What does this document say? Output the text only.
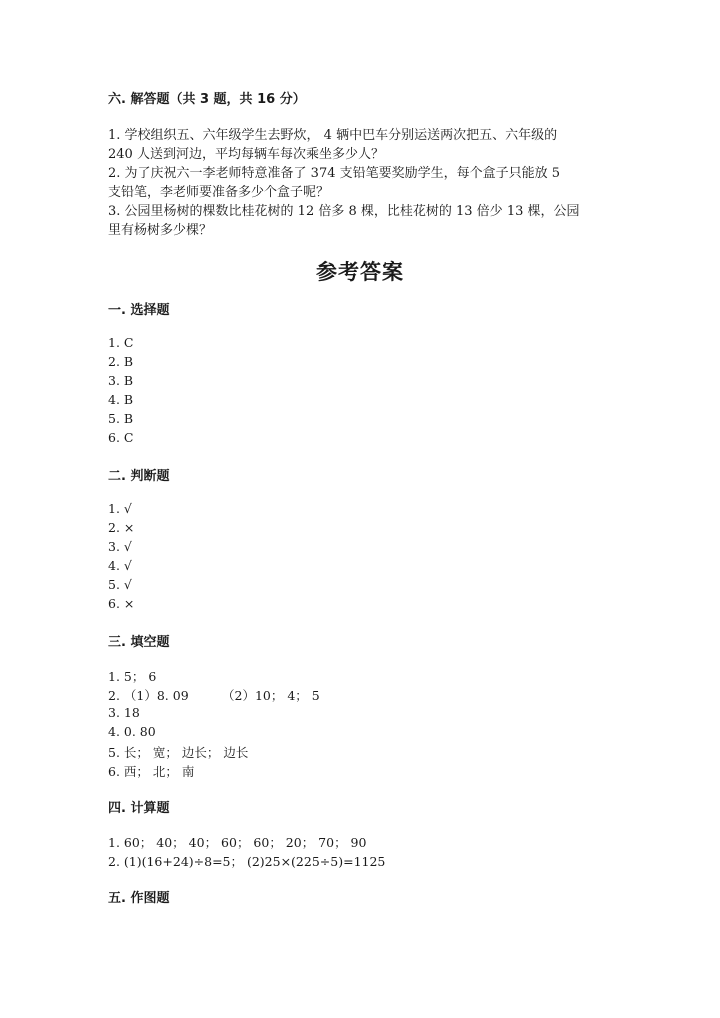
六. 解答题（共 3 题，共 16 分）
1. 学校组织五、六年级学生去野炊， 4 辆中巴车分别运送两次把五、六年级的
240 人送到河边，平均每辆车每次乘坐多少人？
2. 为了庆祝六一李老师特意准备了 374 支铅笔要奖励学生，每个盒子只能放 5
支铅笔，李老师要准备多少个盒子呢？
3. 公园里杨树的棵数比桂花树的 12 倍多 8 棵，比桂花树的 13 倍少 13 棵，公园
里有杨树多少棵？
参考答案
一. 选择题
1. C
2. B
3. B
4. B
5. B
6. C
二. 判断题
1. √
2. ×
3. √
4. √
5. √
6. ×
三. 填空题
1. 5； 6
2. （1）8. 09	（2）10； 4； 5
3. 18
4. 0. 80
5. 长； 宽； 边长； 边长
6. 西； 北； 南
四. 计算题
1. 60； 40； 40； 60； 60； 20； 70； 90
2. (1)(16+24)÷8=5； (2)25×(225÷5)=1125
五. 作图题
